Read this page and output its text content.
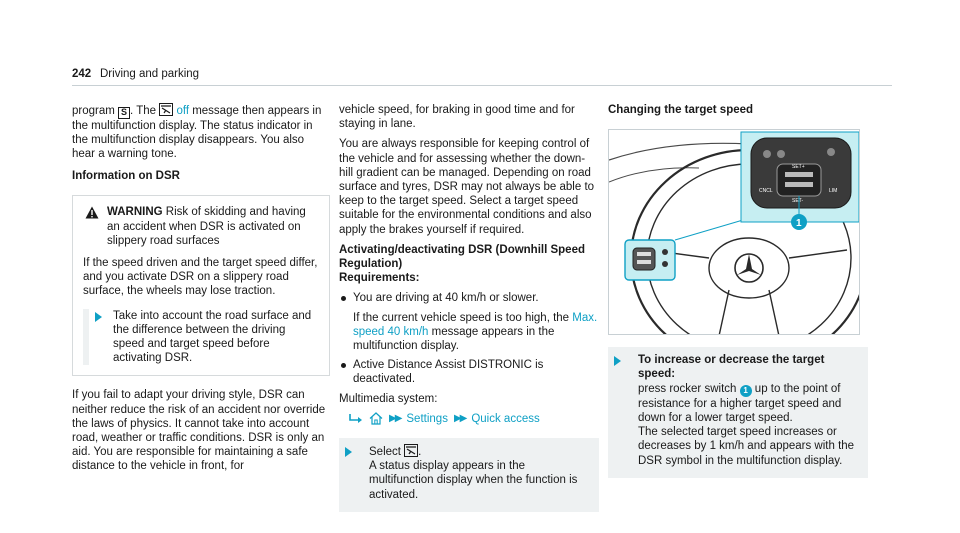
242 Driving and parking

program S . The  off message then appears in the multifunction display. The status indicator in the multifunction display disappears. You also hear a warning tone.

Information on DSR

WARNING Risk of skidding and having an accident when DSR is activated on slippery road surfaces

If the speed driven and the target speed differ, and you activate DSR on a slippery road surface, the wheels may lose traction.

Take into account the road surface and the difference between the driving speed and target speed before activating DSR.

If you fail to adapt your driving style, DSR can neither reduce the risk of an accident nor override the laws of physics. It cannot take into account road, weather or traffic conditions. DSR is only an aid. You are responsible for maintaining a safe distance to the vehicle in front, for

vehicle speed, for braking in good time and for staying in lane.

You are always responsible for keeping control of the vehicle and for assessing whether the down-hill gradient can be managed. Depending on road surface and tyres, DSR may not always be able to keep to the target speed. Select a target speed suitable for the environmental conditions and also apply the brakes yourself if required.

Activating/deactivating DSR (Downhill Speed Regulation)

Requirements:

You are driving at 40 km/h or slower.
If the current vehicle speed is too high, the Max. speed 40 km/h message appears in the multifunction display.
Active Distance Assist DISTRONIC is deactivated.

Multimedia system:

▶▶ Settings ▶▶ Quick access
Select .
A status display appears in the multifunction display when the function is activated.

Changing the target speed

SET+
SET-
CNCL	LIM
1
To increase or decrease the target speed:
press rocker switch 1 up to the point of resistance for a higher target speed and down for a lower target speed.
The selected target speed increases or decreases by 1 km/h and appears with the DSR symbol in the multifunction display.
